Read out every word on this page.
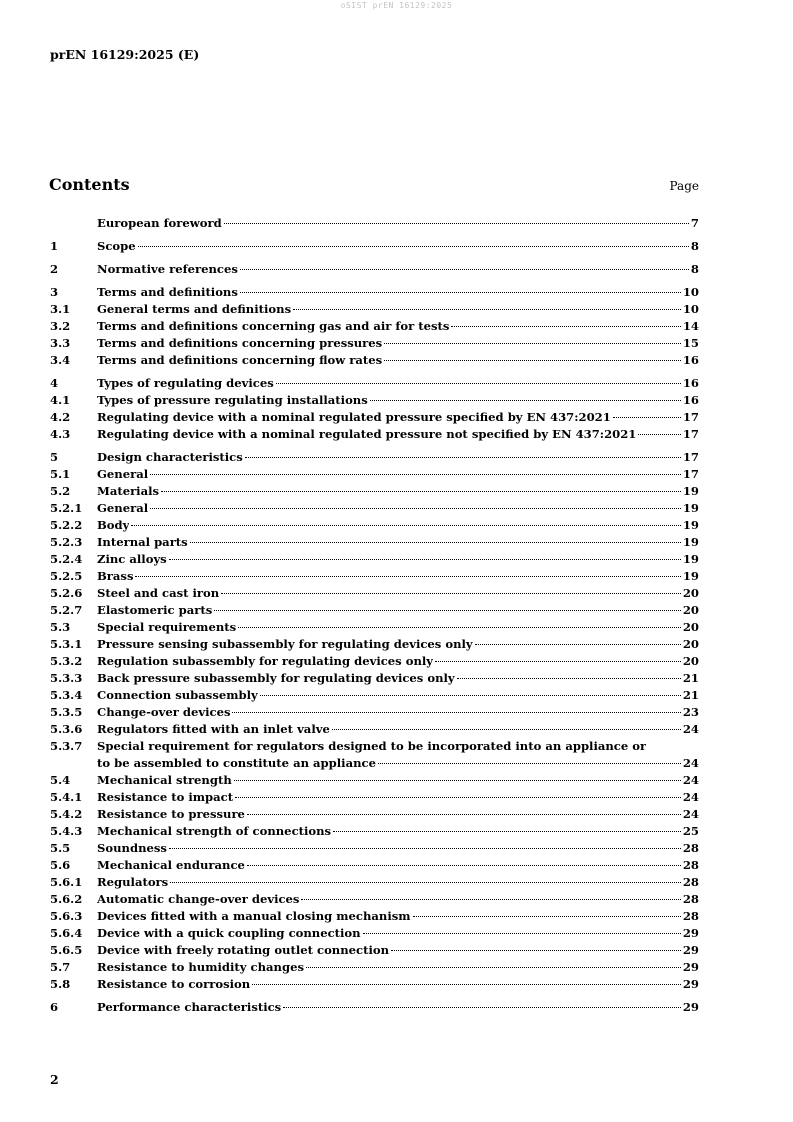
oSIST prEN 16129:2025
prEN 16129:2025 (E)
Contents	Page
European foreword	7
1	Scope	8
2	Normative references	8
3	Terms and definitions	10
3.1	General terms and definitions	10
3.2	Terms and definitions concerning gas and air for tests	14
3.3	Terms and definitions concerning pressures	15
3.4	Terms and definitions concerning flow rates	16
4	Types of regulating devices	16
4.1	Types of pressure regulating installations	16
4.2	Regulating device with a nominal regulated pressure specified by EN 437:2021	17
4.3	Regulating device with a nominal regulated pressure not specified by EN 437:2021	17
5	Design characteristics	17
5.1	General	17
5.2	Materials	19
5.2.1	General	19
5.2.2	Body	19
5.2.3	Internal parts	19
5.2.4	Zinc alloys	19
5.2.5	Brass	19
5.2.6	Steel and cast iron	20
5.2.7	Elastomeric parts	20
5.3	Special requirements	20
5.3.1	Pressure sensing subassembly for regulating devices only	20
5.3.2	Regulation subassembly for regulating devices only	20
5.3.3	Back pressure subassembly for regulating devices only	21
5.3.4	Connection subassembly	21
5.3.5	Change-over devices	23
5.3.6	Regulators fitted with an inlet valve	24
5.3.7	Special requirement for regulators designed to be incorporated into an appliance or
to be assembled to constitute an appliance	24
5.4	Mechanical strength	24
5.4.1	Resistance to impact	24
5.4.2	Resistance to pressure	24
5.4.3	Mechanical strength of connections	25
5.5	Soundness	28
5.6	Mechanical endurance	28
5.6.1	Regulators	28
5.6.2	Automatic change-over devices	28
5.6.3	Devices fitted with a manual closing mechanism	28
5.6.4	Device with a quick coupling connection	29
5.6.5	Device with freely rotating outlet connection	29
5.7	Resistance to humidity changes	29
5.8	Resistance to corrosion	29
6	Performance characteristics	29
2
